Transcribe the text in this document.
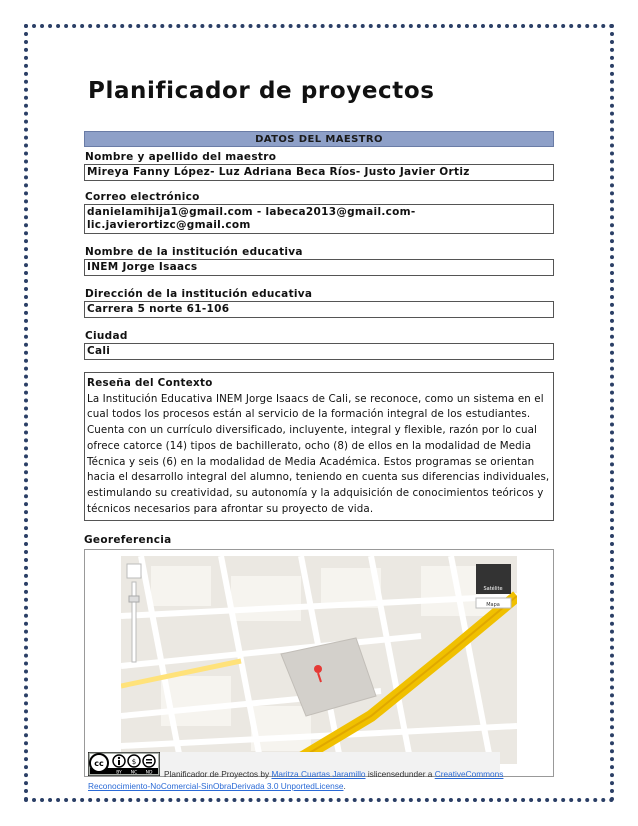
Planificador de proyectos
DATOS DEL MAESTRO
Nombre y apellido del maestro
Mireya Fanny López- Luz Adriana Beca Ríos- Justo Javier Ortiz
Correo electrónico
danielamihija1@gmail.com - labeca2013@gmail.com-
lic.javierortizc@gmail.com
Nombre de la institución educativa
INEM Jorge Isaacs
Dirección de la institución educativa
Carrera 5 norte 61-106
Ciudad
Cali
Reseña del Contexto
La Institución Educativa INEM Jorge Isaacs de Cali, se reconoce, como un sistema en el
cual todos los procesos están al servicio de la formación integral de los estudiantes.
Cuenta con un currículo diversificado, incluyente, integral y flexible, razón por lo cual
ofrece catorce (14) tipos de bachillerato, ocho (8) de ellos en la modalidad de Media
Técnica y seis (6) en la modalidad de Media Académica. Estos programas se orientan
hacia el desarrollo integral del alumno, teniendo en cuenta sus diferencias individuales,
estimulando su creatividad, su autonomía y la adquisición de conocimientos teóricos y
técnicos necesarios para afrontar su proyecto de vida.
Georeferencia
Satélite
Mapa
cc	$
BY NC ND Planificador de Proyectos by Maritza Cuartas Jaramillo islicensedunder a CreativeCommons
Reconocimiento-NoComercial-SinObraDerivada 3.0 UnportedLicense.
